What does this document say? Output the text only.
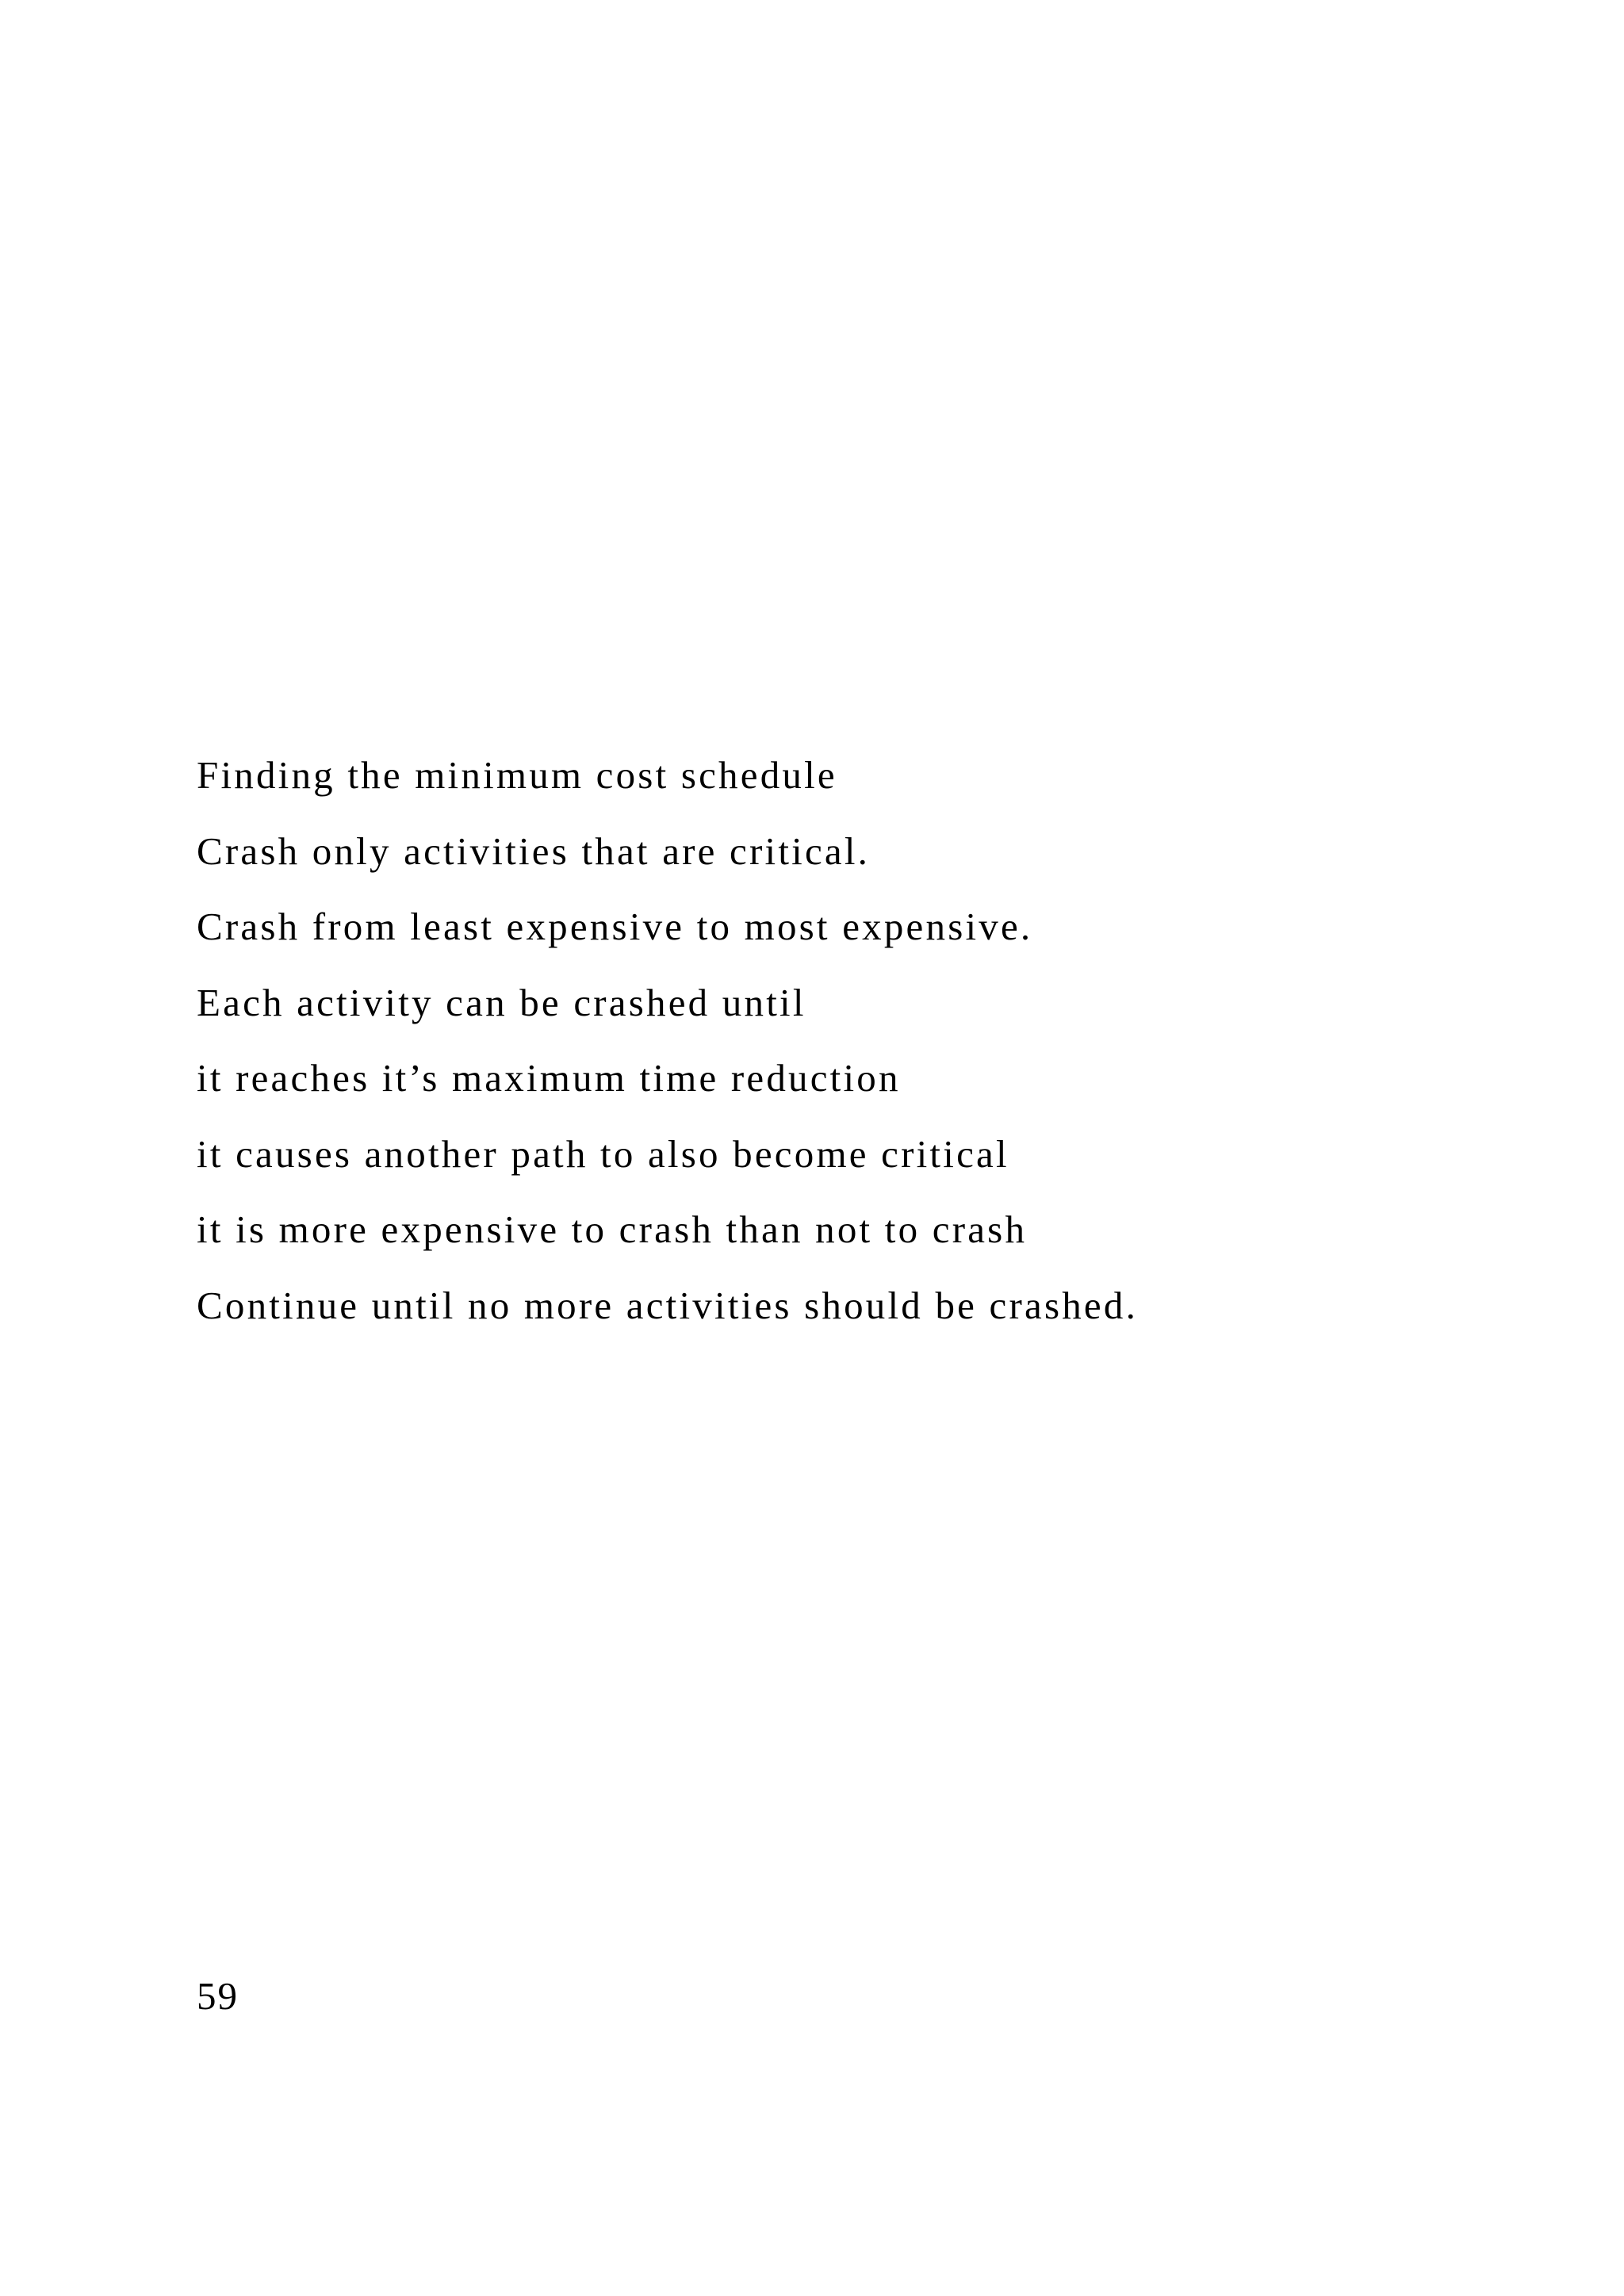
Finding the minimum cost schedule
Crash only activities that are critical.
Crash from least expensive to most expensive.
Each activity can be crashed until
it reaches it’s maximum time reduction
it causes another path to also become critical
it is more expensive to crash than not to crash
Continue until no more activities should be crashed.
59
